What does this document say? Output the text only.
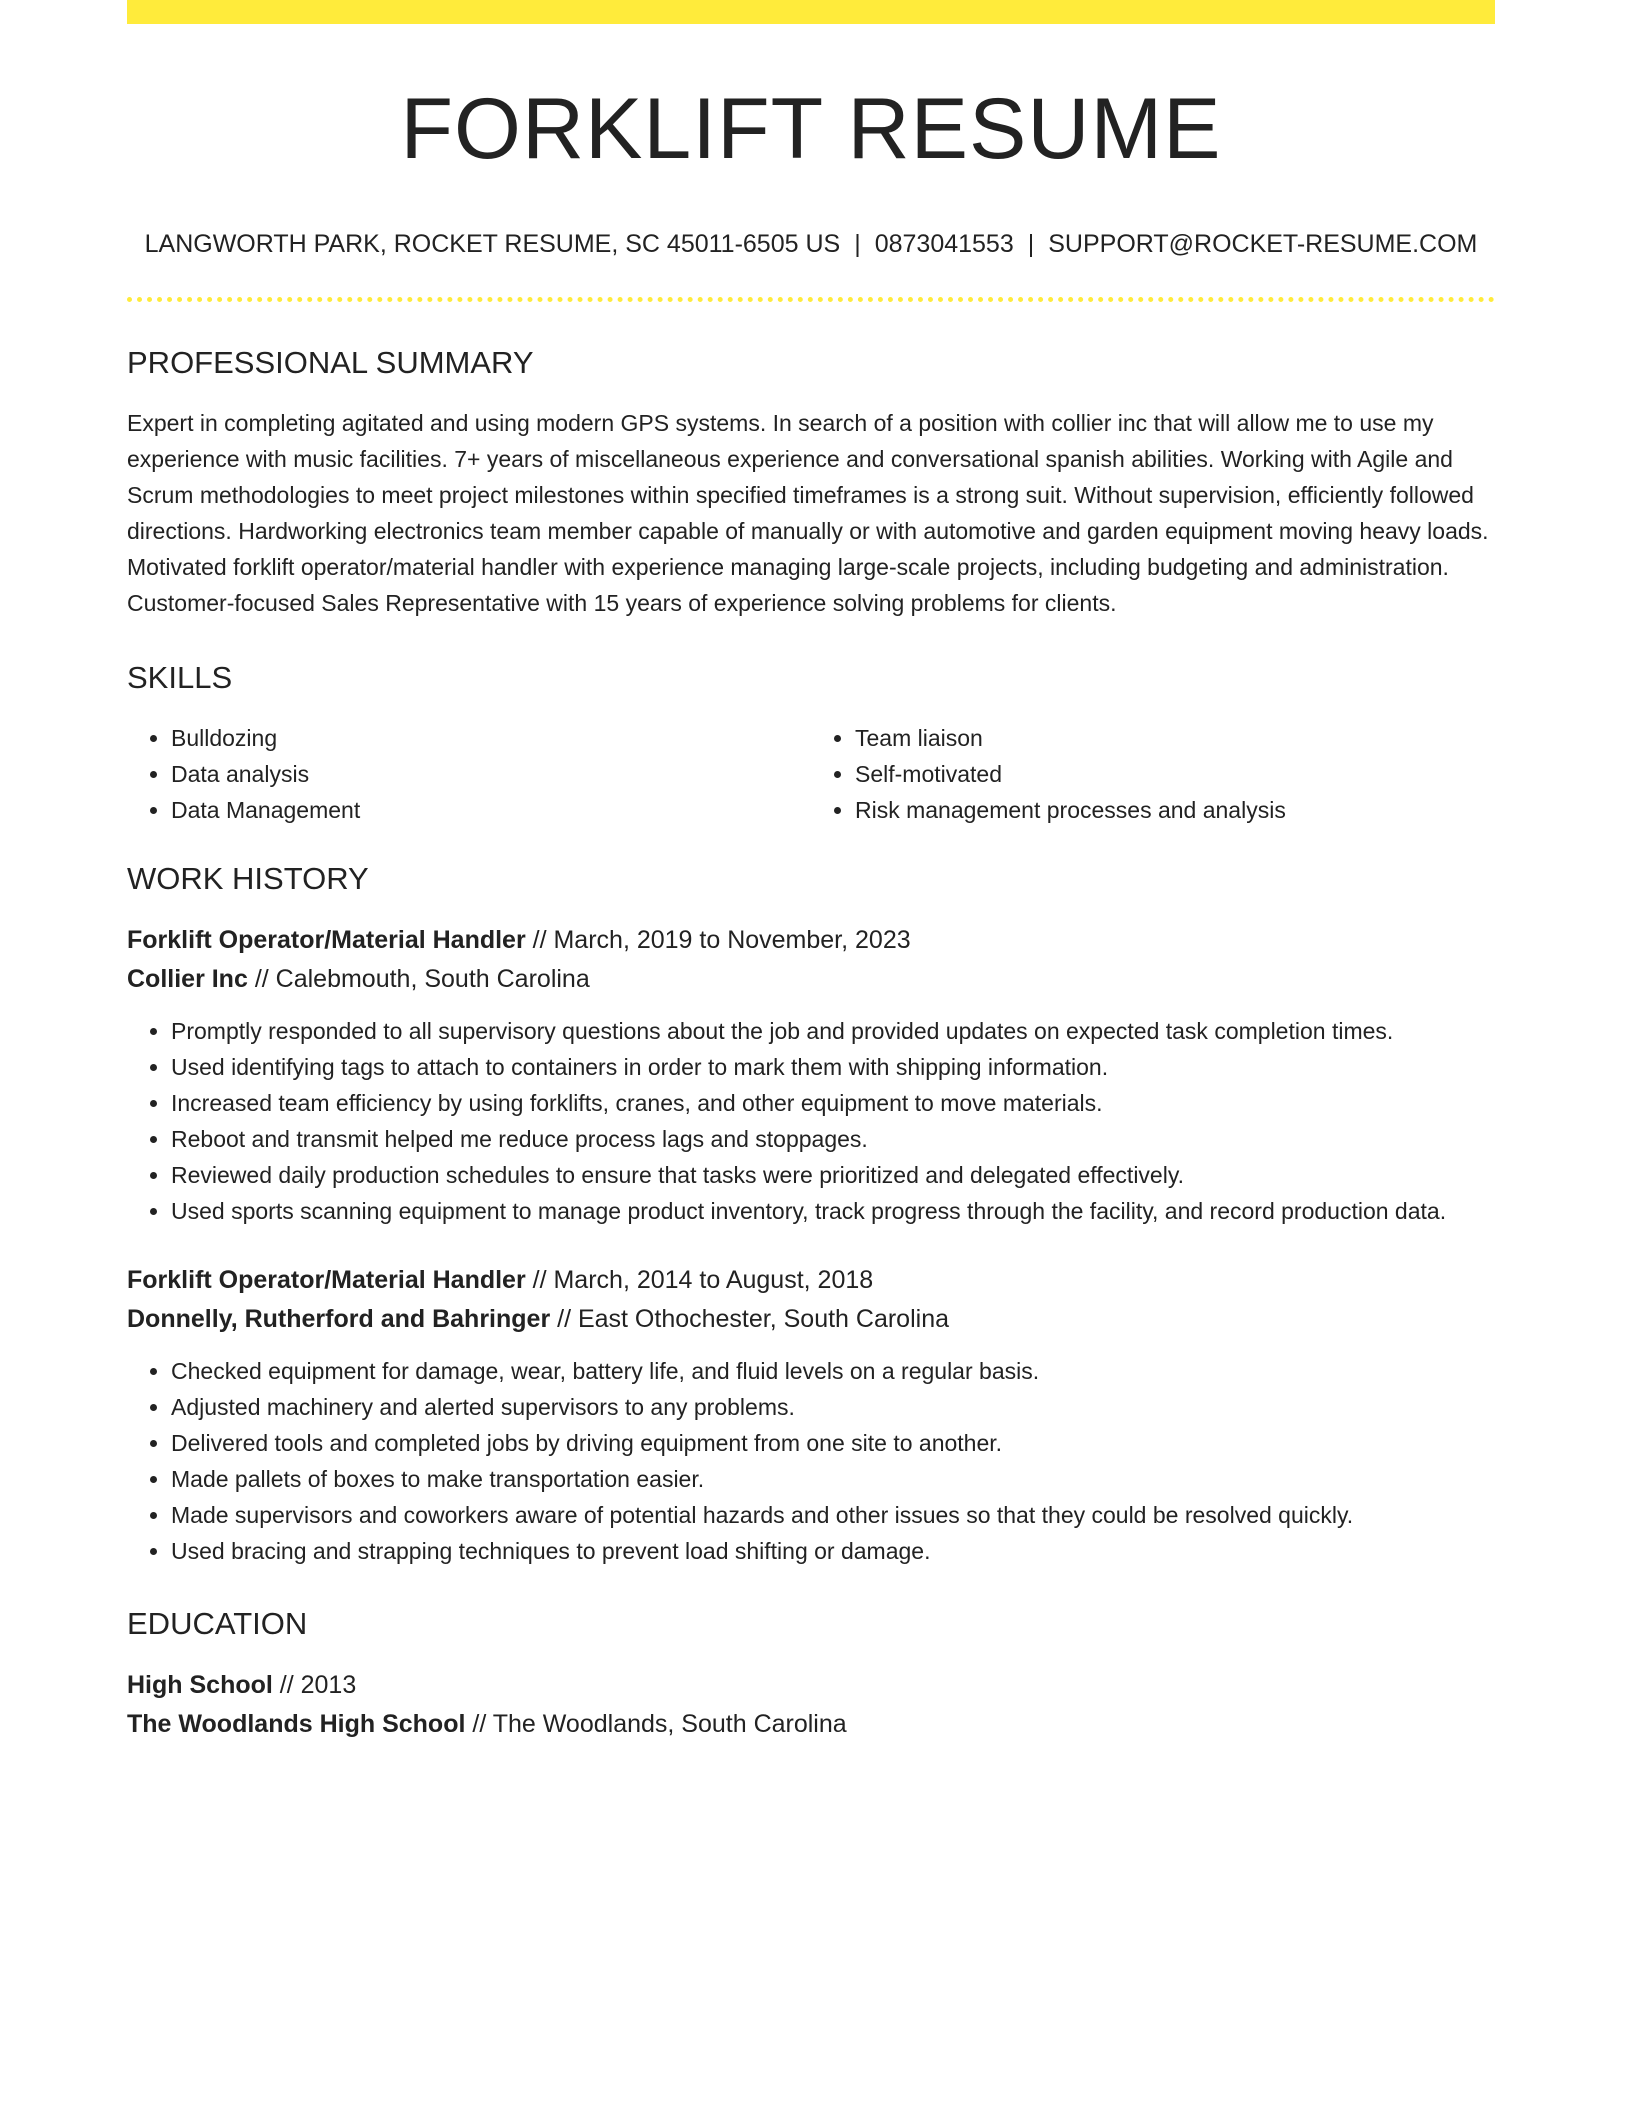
FORKLIFT RESUME
LANGWORTH PARK, ROCKET RESUME, SC 45011-6505 US | 0873041553 | SUPPORT@ROCKET-RESUME.COM
PROFESSIONAL SUMMARY

Expert in completing agitated and using modern GPS systems. In search of a position with collier inc that will allow me to use my experience with music facilities. 7+ years of miscellaneous experience and conversational spanish abilities. Working with Agile and Scrum methodologies to meet project milestones within specified timeframes is a strong suit. Without supervision, efficiently followed directions. Hardworking electronics team member capable of manually or with automotive and garden equipment moving heavy loads. Motivated forklift operator/material handler with experience managing large-scale projects, including budgeting and administration. Customer-focused Sales Representative with 15 years of experience solving problems for clients.

SKILLS
• Bulldozing
• Data analysis
• Data Management
• Team liaison
• Self-motivated
• Risk management processes and analysis
WORK HISTORY
Forklift Operator/Material Handler // March, 2019 to November, 2023
Collier Inc // Calebmouth, South Carolina
• Promptly responded to all supervisory questions about the job and provided updates on expected task completion times.
• Used identifying tags to attach to containers in order to mark them with shipping information.
• Increased team efficiency by using forklifts, cranes, and other equipment to move materials.
• Reboot and transmit helped me reduce process lags and stoppages.
• Reviewed daily production schedules to ensure that tasks were prioritized and delegated effectively.
• Used sports scanning equipment to manage product inventory, track progress through the facility, and record production data.
Forklift Operator/Material Handler // March, 2014 to August, 2018
Donnelly, Rutherford and Bahringer // East Othochester, South Carolina
• Checked equipment for damage, wear, battery life, and fluid levels on a regular basis.
• Adjusted machinery and alerted supervisors to any problems.
• Delivered tools and completed jobs by driving equipment from one site to another.
• Made pallets of boxes to make transportation easier.
• Made supervisors and coworkers aware of potential hazards and other issues so that they could be resolved quickly.
• Used bracing and strapping techniques to prevent load shifting or damage.
EDUCATION
High School // 2013
The Woodlands High School // The Woodlands, South Carolina
